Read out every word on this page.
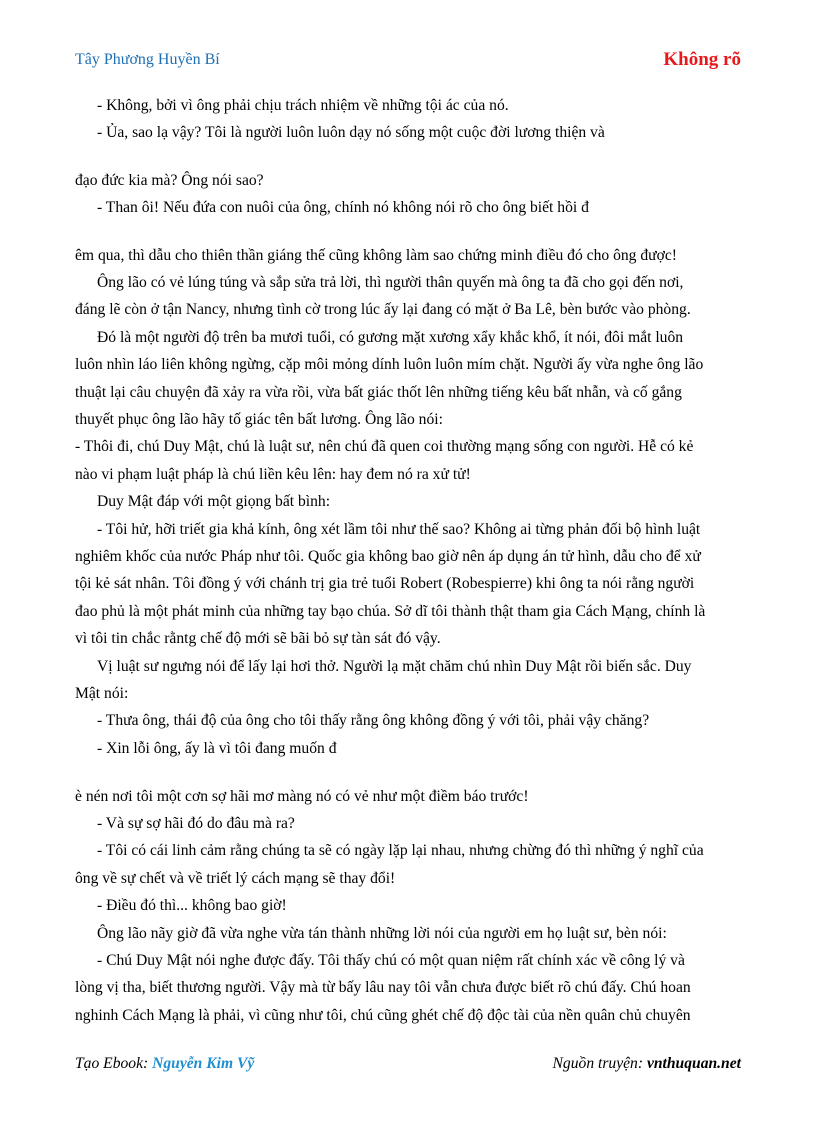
Tây Phương Huyền Bí	Không rõ

- Không, bởi vì ông phải chịu trách nhiệm về những tội ác của nó.

- Ủa, sao lạ vậy? Tôi là người luôn luôn dạy nó sống một cuộc đời lương thiện và

đạo đức kia mà? Ông nói sao?

- Than ôi! Nếu đứa con nuôi của ông, chính nó không nói rõ cho ông biết hồi đ

êm qua, thì dẫu cho thiên thần giáng thế cũng không làm sao chứng minh điều đó cho ông được!

Ông lão có vẻ lúng túng và sắp sửa trả lời, thì người thân quyến mà ông ta đã cho gọi đến nơi,

đáng lẽ còn ở tận Nancy, nhưng tình cờ trong lúc ấy lại đang có mặt ở Ba Lê, bèn bước vào phòng.

Đó là một người độ trên ba mươi tuổi, có gương mặt xương xẩy khắc khổ, ít nói, đôi mắt luôn

luôn nhìn láo liên không ngừng, cặp môi mỏng dính luôn luôn mím chặt. Người ấy vừa nghe ông lão

thuật lại câu chuyện đã xảy ra vừa rồi, vừa bất giác thốt lên những tiếng kêu bất nhẫn, và cố gắng

thuyết phục ông lão hãy tố giác tên bất lương. Ông lão nói:

- Thôi đi, chú Duy Mật, chú là luật sư, nên chú đã quen coi thường mạng sống con người. Hễ có kẻ

nào vi phạm luật pháp là chú liền kêu lên: hay đem nó ra xử tử!

Duy Mật đáp với một giọng bất bình:

- Tôi hử, hỡi triết gia khả kính, ông xét lầm tôi như thế sao? Không ai từng phản đối bộ hình luật

nghiêm khốc của nước Pháp như tôi. Quốc gia không bao giờ nên áp dụng án tử hình, dẫu cho để xử

tội kẻ sát nhân. Tôi đồng ý với chánh trị gia trẻ tuổi Robert (Robespierre) khi ông ta nói rằng người

đao phủ là một phát minh của những tay bạo chúa. Sở dĩ tôi thành thật tham gia Cách Mạng, chính là

vì tôi tin chắc rằntg chế độ mới sẽ bãi bỏ sự tàn sát đó vậy.

Vị luật sư ngưng nói để lấy lại hơi thở. Người lạ mặt chăm chú nhìn Duy Mật rồi biến sắc. Duy

Mật nói:

- Thưa ông, thái độ của ông cho tôi thấy rằng ông không đồng ý với tôi, phải vậy chăng?

- Xin lỗi ông, ấy là vì tôi đang muốn đ

è nén nơi tôi một cơn sợ hãi mơ màng nó có vẻ như một điềm báo trước!

- Và sự sợ hãi đó do đâu mà ra?

- Tôi có cái linh cảm rằng chúng ta sẽ có ngày lặp lại nhau, nhưng chừng đó thì những ý nghĩ của

ông về sự chết và về triết lý cách mạng sẽ thay đổi!

- Điều đó thì... không bao giờ!

Ông lão nãy giờ đã vừa nghe vừa tán thành những lời nói của người em họ luật sư, bèn nói:

- Chú Duy Mật nói nghe được đấy. Tôi thấy chú có một quan niệm rất chính xác về công lý và

lòng vị tha, biết thương người. Vậy mà từ bấy lâu nay tôi vẫn chưa được biết rõ chú đấy. Chú hoan

nghinh Cách Mạng là phải, vì cũng như tôi, chú cũng ghét chế độ độc tài của nền quân chủ chuyên

Tạo Ebook: Nguyễn Kim Vỹ	Nguồn truyện: vnthuquan.net
